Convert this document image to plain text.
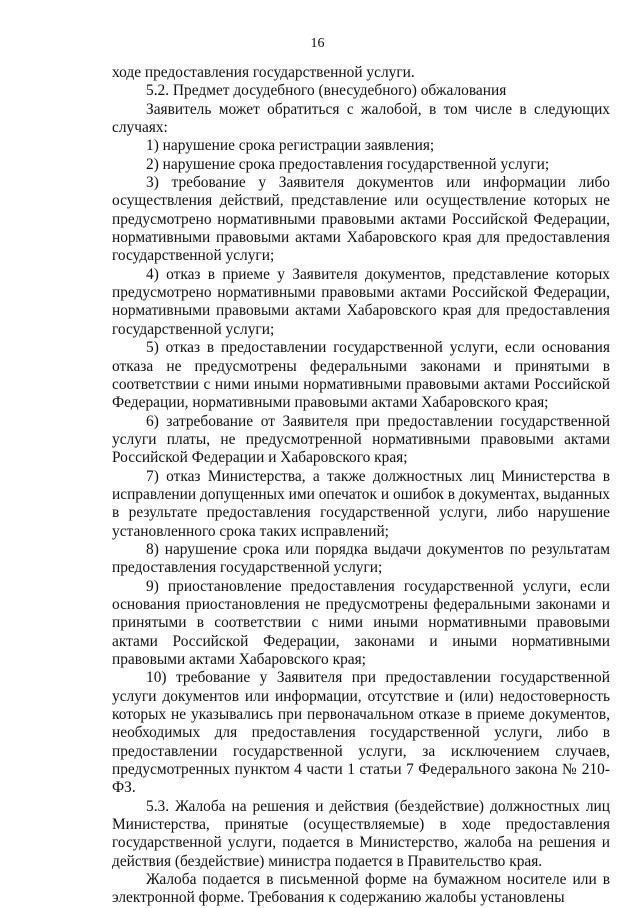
16

ходе предоставления государственной услуги.

5.2. Предмет досудебного (внесудебного) обжалования

Заявитель может обратиться с жалобой, в том числе в следующих случаях:

1) нарушение срока регистрации заявления;

2) нарушение срока предоставления государственной услуги;

3) требование у Заявителя документов или информации либо осуществления действий, представление или осуществление которых не предусмотрено нормативными правовыми актами Российской Федерации, нормативными правовыми актами Хабаровского края для предоставления государственной услуги;

4) отказ в приеме у Заявителя документов, представление которых предусмотрено нормативными правовыми актами Российской Федерации, нормативными правовыми актами Хабаровского края для предоставления государственной услуги;

5) отказ в предоставлении государственной услуги, если основания отказа не предусмотрены федеральными законами и принятыми в соответствии с ними иными нормативными правовыми актами Российской Федерации, нормативными правовыми актами Хабаровского края;

6) затребование от Заявителя при предоставлении государственной услуги платы, не предусмотренной нормативными правовыми актами Российской Федерации и Хабаровского края;

7) отказ Министерства, а также должностных лиц Министерства в исправлении допущенных ими опечаток и ошибок в документах, выданных в результате предоставления государственной услуги, либо нарушение установленного срока таких исправлений;

8) нарушение срока или порядка выдачи документов по результатам предоставления государственной услуги;

9) приостановление предоставления государственной услуги, если основания приостановления не предусмотрены федеральными законами и принятыми в соответствии с ними иными нормативными правовыми актами Российской Федерации, законами и иными нормативными правовыми актами Хабаровского края;

10) требование у Заявителя при предоставлении государственной услуги документов или информации, отсутствие и (или) недостоверность которых не указывались при первоначальном отказе в приеме документов, необходимых для предоставления государственной услуги, либо в предоставлении государственной услуги, за исключением случаев, предусмотренных пунктом 4 части 1 статьи 7 Федерального закона № 210-ФЗ.

5.3. Жалоба на решения и действия (бездействие) должностных лиц Министерства, принятые (осуществляемые) в ходе предоставления государственной услуги, подается в Министерство, жалоба на решения и действия (бездействие) министра подается в Правительство края.

Жалоба подается в письменной форме на бумажном носителе или в электронной форме. Требования к содержанию жалобы установлены
